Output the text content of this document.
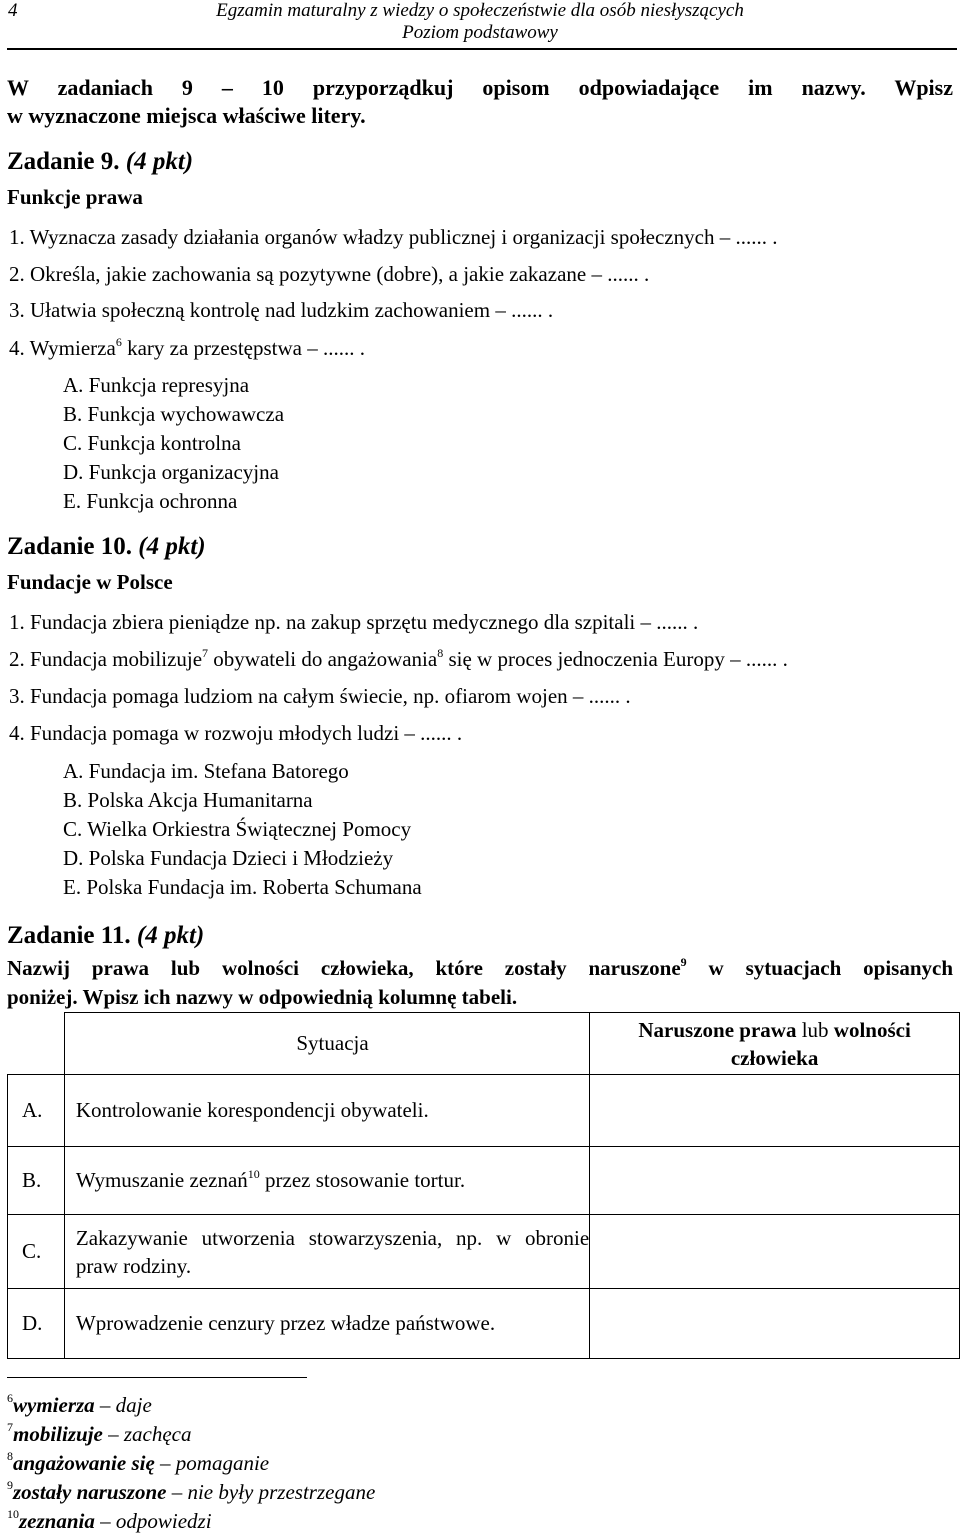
4	Egzamin maturalny z wiedzy o społeczeństwie dla osób niesłyszących
Poziom podstawowy
W zadaniach 9 – 10 przyporządkuj opisom odpowiadające im nazwy. Wpisz
w wyznaczone miejsca właściwe litery.
Zadanie 9. (4 pkt)
Funkcje prawa
1. Wyznacza zasady działania organów władzy publicznej i organizacji społecznych – ...... .
2. Określa, jakie zachowania są pozytywne (dobre), a jakie zakazane – ...... .
3. Ułatwia społeczną kontrolę nad ludzkim zachowaniem – ...... .
4. Wymierza$^6$ kary za przestępstwa – ...... .
A. Funkcja represyjna
B. Funkcja wychowawcza
C. Funkcja kontrolna
D. Funkcja organizacyjna
E. Funkcja ochronna
Zadanie 10. (4 pkt)
Fundacje w Polsce
1. Fundacja zbiera pieniądze np. na zakup sprzętu medycznego dla szpitali – ...... .
2. Fundacja mobilizuje$^7$ obywateli do angażowania$^8$ się w proces jednoczenia Europy – ...... .
3. Fundacja pomaga ludziom na całym świecie, np. ofiarom wojen – ...... .
4. Fundacja pomaga w rozwoju młodych ludzi – ...... .
A. Fundacja im. Stefana Batorego
B. Polska Akcja Humanitarna
C. Wielka Orkiestra Świątecznej Pomocy
D. Polska Fundacja Dzieci i Młodzieży
E. Polska Fundacja im. Roberta Schumana
Zadanie 11. (4 pkt)
Nazwij prawa lub wolności człowieka, które zostały naruszone$^9$ w sytuacjach opisanych
poniżej. Wpisz ich nazwy w odpowiednią kolumnę tabeli.
	Sytuacja	Naruszone prawa lub wolności
człowieka
A.	Kontrolowanie korespondencji obywateli.	
B.	Wymuszanie zeznań$^{10}$ przez stosowanie tortur.	
C.	Zakazywanie utworzenia stowarzyszenia, np. w obronie praw rodziny.	
D.	Wprowadzenie cenzury przez władze państwowe.	
$^6$wymierza – daje
$^7$mobilizuje – zachęca
$^8$angażowanie się – pomaganie
$^9$zostały naruszone – nie były przestrzegane
$^{10}$zeznania – odpowiedzi
